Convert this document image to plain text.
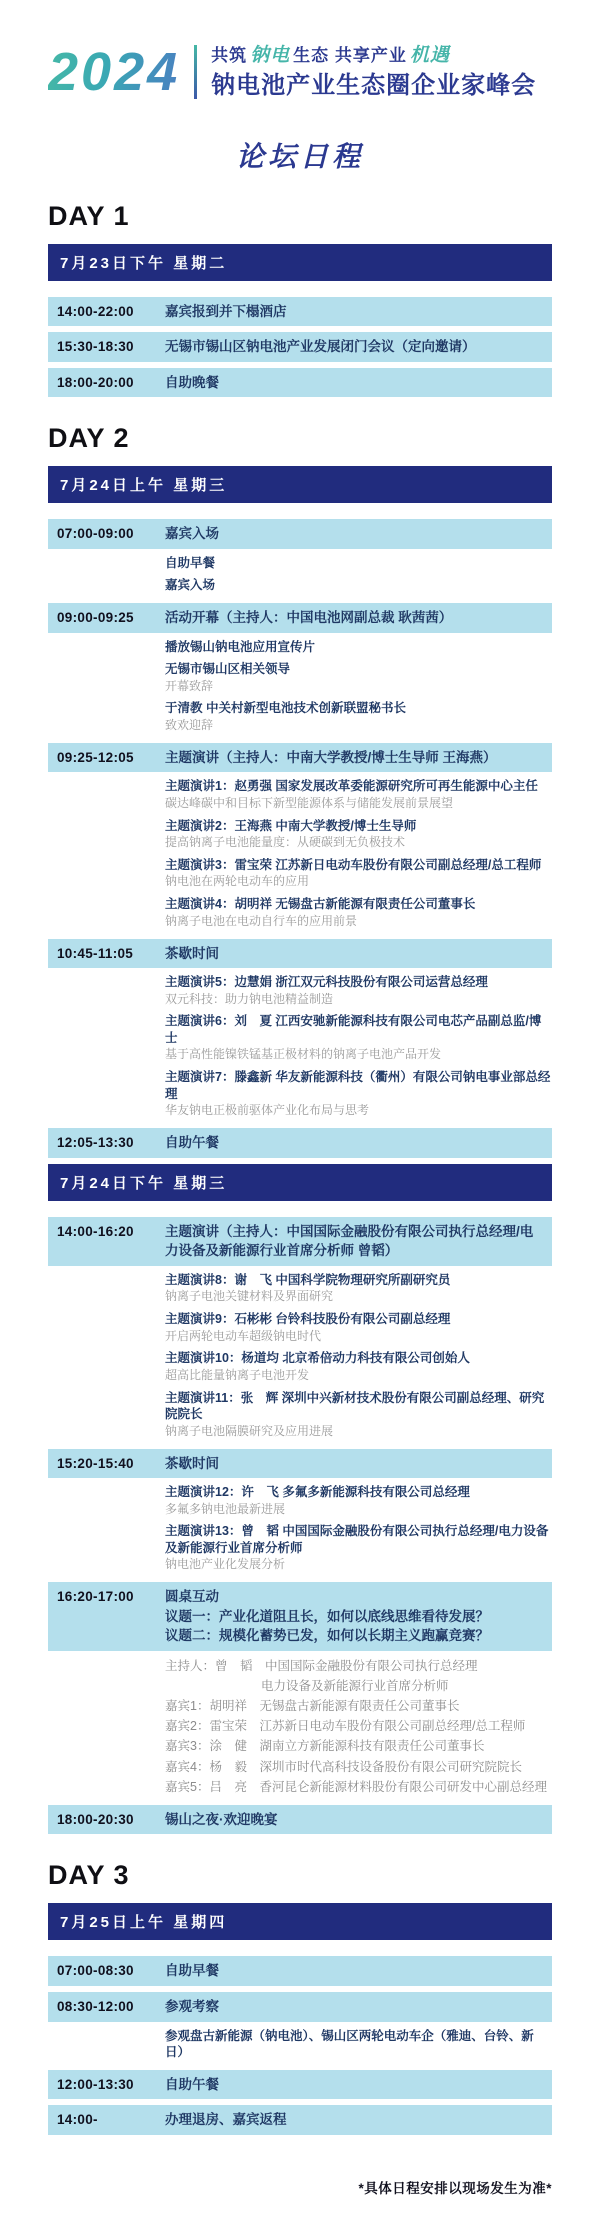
2024 共筑 钠电 生态 共享产业 机遇
钠电池产业生态圈企业家峰会
论坛日程
DAY 1
7月23日下午 星期二
14:00-22:00	嘉宾报到并下榻酒店
15:30-18:30	无锡市锡山区钠电池产业发展闭门会议（定向邀请）
18:00-20:00	自助晚餐
DAY 2
7月24日上午 星期三
07:00-09:00	嘉宾入场
自助早餐
嘉宾入场
09:00-09:25	活动开幕（主持人：中国电池网副总裁 耿茜茜）
播放锡山钠电池应用宣传片
无锡市锡山区相关领导
开幕致辞
于清教 中关村新型电池技术创新联盟秘书长
致欢迎辞
09:25-12:05	主题演讲（主持人：中南大学教授/博士生导师 王海燕）
主题演讲1：赵勇强 国家发展改革委能源研究所可再生能源中心主任
碳达峰碳中和目标下新型能源体系与储能发展前景展望
主题演讲2：王海燕 中南大学教授/博士生导师
提高钠离子电池能量度：从硬碳到无负极技术
主题演讲3：雷宝荣 江苏新日电动车股份有限公司副总经理/总工程师
钠电池在两轮电动车的应用
主题演讲4：胡明祥 无锡盘古新能源有限责任公司董事长
钠离子电池在电动自行车的应用前景
10:45-11:05	茶歇时间
主题演讲5：边慧娟 浙江双元科技股份有限公司运营总经理
双元科技：助力钠电池精益制造
主题演讲6：刘　夏 江西安驰新能源科技有限公司电芯产品副总监/博士
基于高性能镍铁锰基正极材料的钠离子电池产品开发
主题演讲7：滕鑫新 华友新能源科技（衢州）有限公司钠电事业部总经理
华友钠电正极前驱体产业化布局与思考
12:05-13:30	自助午餐
7月24日下午 星期三
14:00-16:20	主题演讲（主持人：中国国际金融股份有限公司执行总经理/电力设备及新能源行业首席分析师 曾韬）
主题演讲8：谢　飞 中国科学院物理研究所副研究员
钠离子电池关键材料及界面研究
主题演讲9：石彬彬 台铃科技股份有限公司副总经理
开启两轮电动车超级钠电时代
主题演讲10：杨道均 北京希倍动力科技有限公司创始人
超高比能量钠离子电池开发
主题演讲11：张　辉 深圳中兴新材技术股份有限公司副总经理、研究院院长
钠离子电池隔膜研究及应用进展
15:20-15:40	茶歇时间
主题演讲12：许　飞 多氟多新能源科技有限公司总经理
多氟多钠电池最新进展
主题演讲13：曾　韬 中国国际金融股份有限公司执行总经理/电力设备及新能源行业首席分析师
钠电池产业化发展分析
16:20-17:00	圆桌互动
议题一：产业化道阻且长，如何以底线思维看待发展？
议题二：规模化蓄势已发，如何以长期主义跑赢竞赛？
主持人：曾　韬　中国国际金融股份有限公司执行总经理
电力设备及新能源行业首席分析师
嘉宾1：胡明祥　无锡盘古新能源有限责任公司董事长
嘉宾2：雷宝荣　江苏新日电动车股份有限公司副总经理/总工程师
嘉宾3：涂　健　湖南立方新能源科技有限责任公司董事长
嘉宾4：杨　毅　深圳市时代高科技设备股份有限公司研究院院长
嘉宾5：吕　亮　香河昆仑新能源材料股份有限公司研发中心副总经理
18:00-20:30	锡山之夜·欢迎晚宴
DAY 3
7月25日上午 星期四
07:00-08:30	自助早餐
08:30-12:00	参观考察
参观盘古新能源（钠电池）、锡山区两轮电动车企（雅迪、台铃、新日）
12:00-13:30	自助午餐
14:00-	办理退房、嘉宾返程
*具体日程安排以现场发生为准*
